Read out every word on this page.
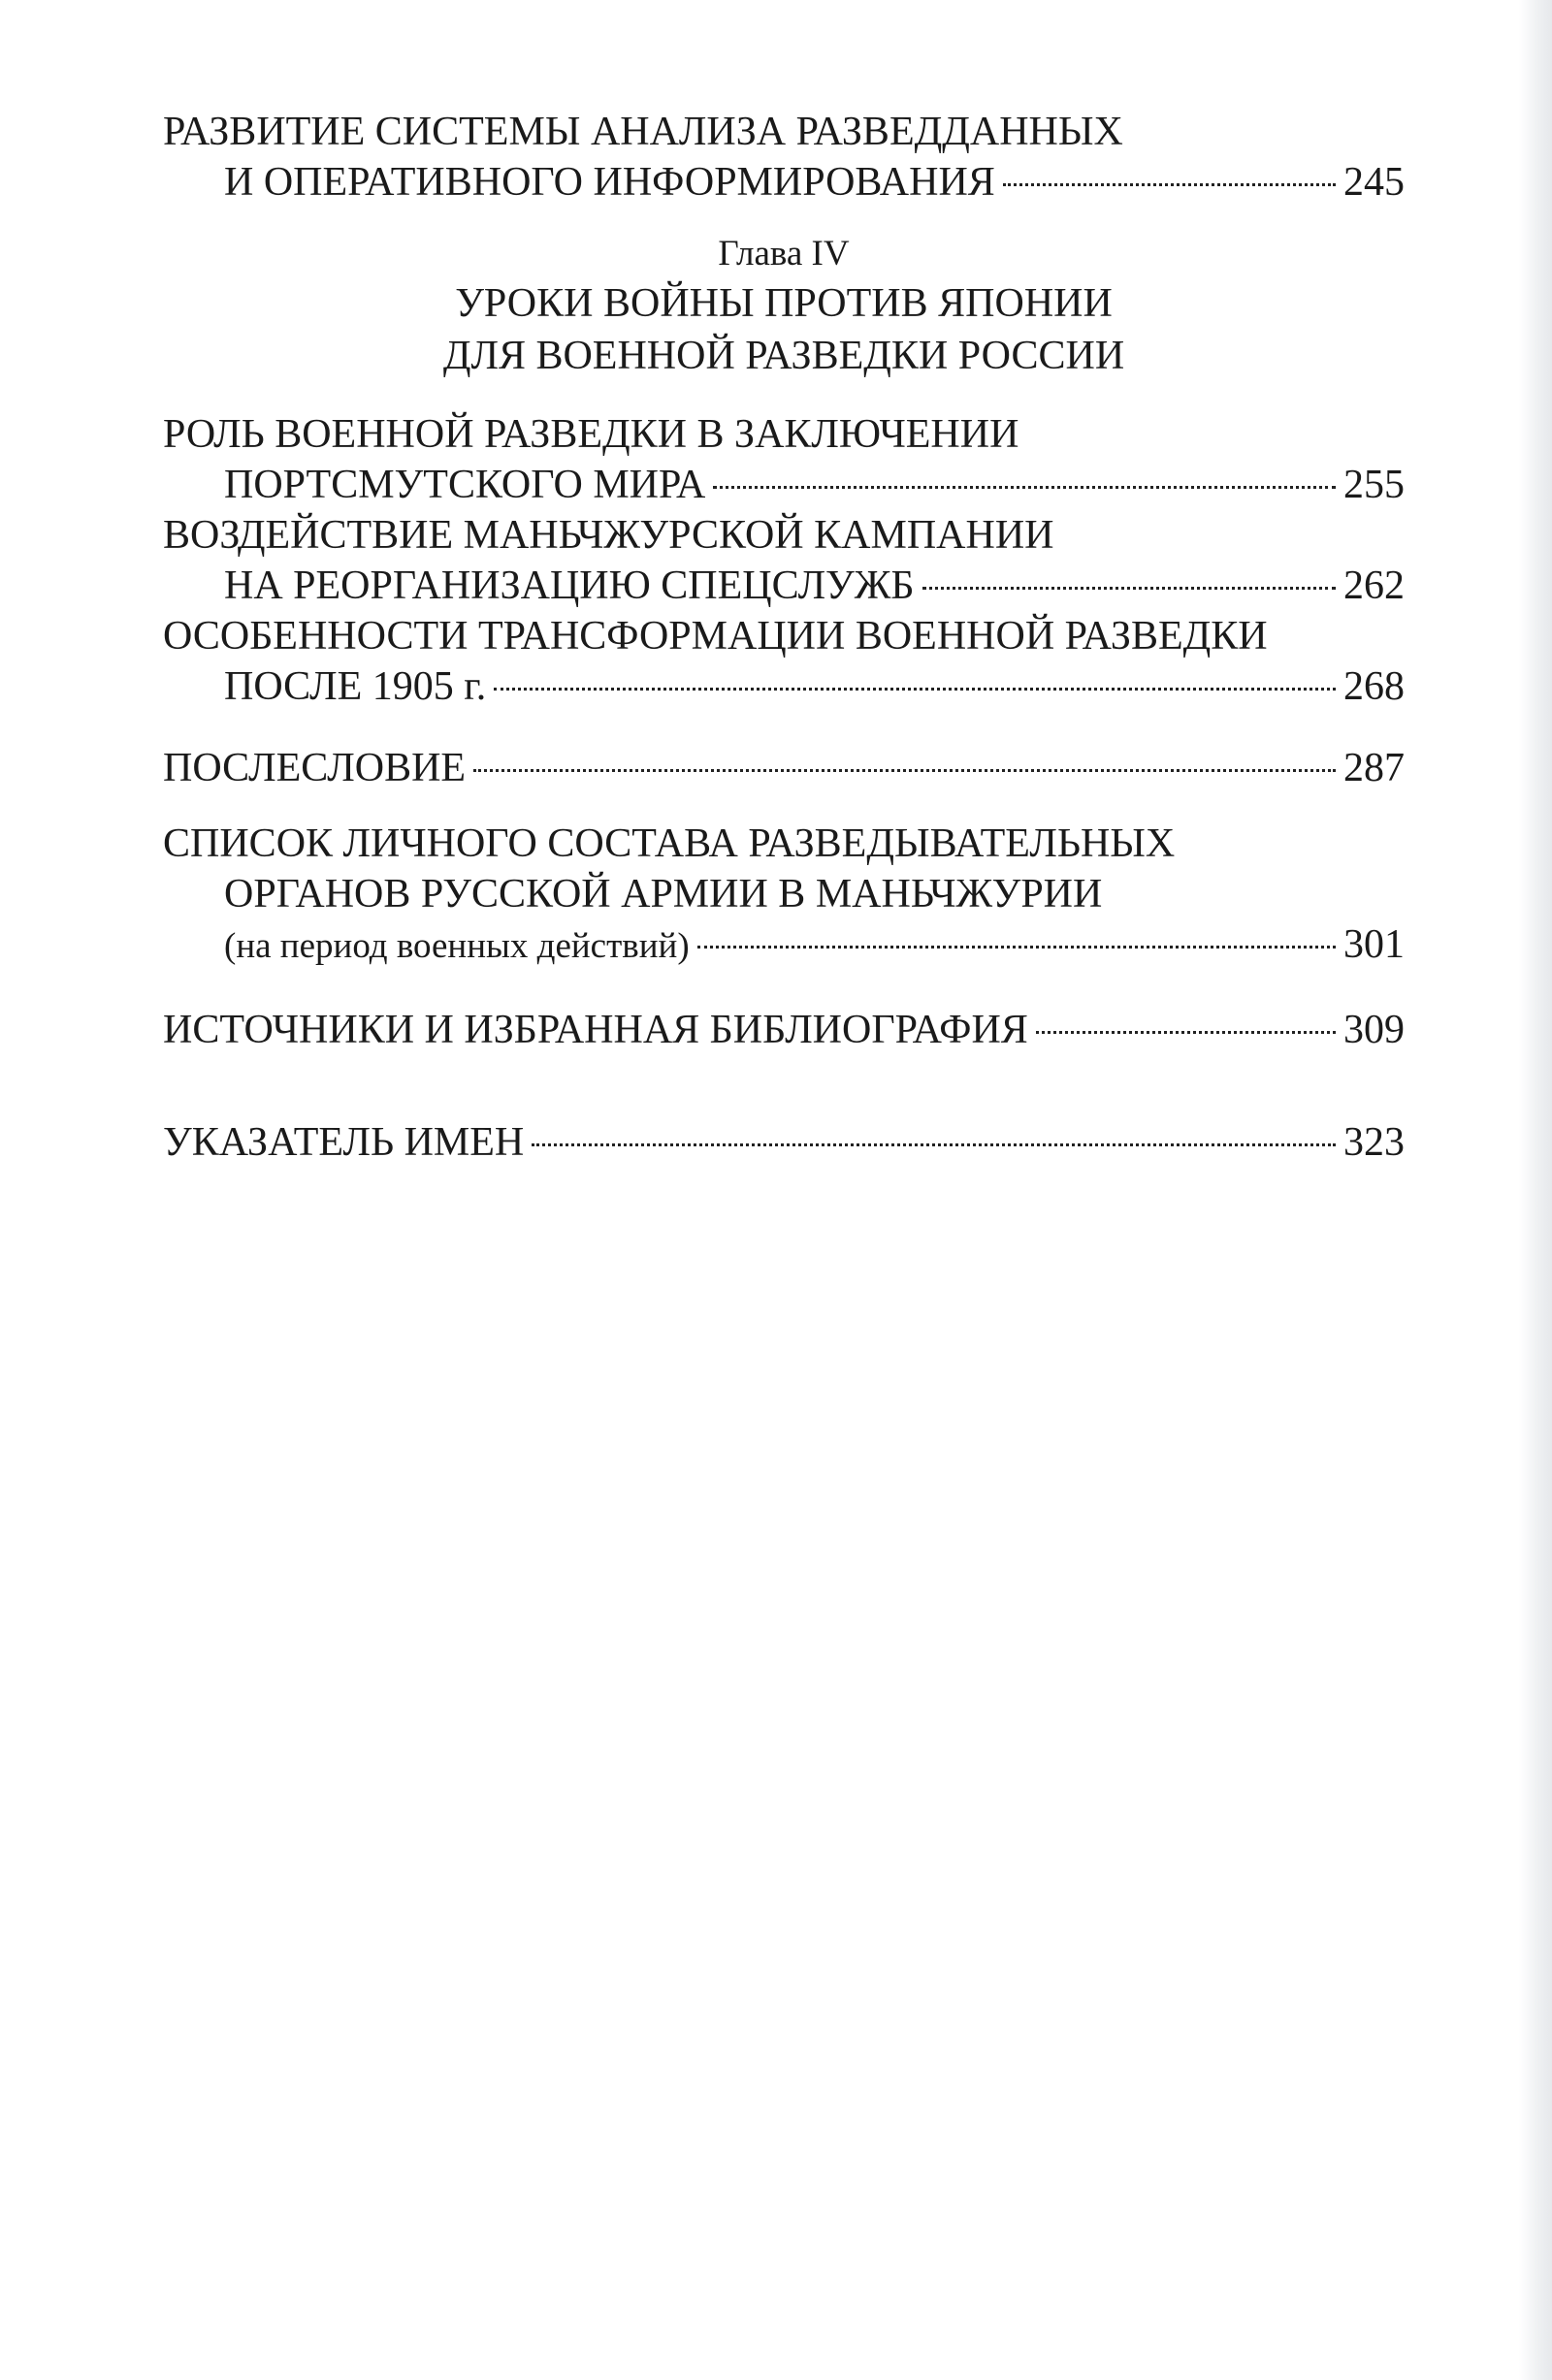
РАЗВИТИЕ СИСТЕМЫ АНАЛИЗА РАЗВЕДДАННЫХ
И ОПЕРАТИВНОГО ИНФОРМИРОВАНИЯ	245
Глава IV
УРОКИ ВОЙНЫ ПРОТИВ ЯПОНИИ
ДЛЯ ВОЕННОЙ РАЗВЕДКИ РОССИИ
РОЛЬ ВОЕННОЙ РАЗВЕДКИ В ЗАКЛЮЧЕНИИ
ПОРТСМУТСКОГО МИРА	255
ВОЗДЕЙСТВИЕ МАНЬЧЖУРСКОЙ КАМПАНИИ
НА РЕОРГАНИЗАЦИЮ СПЕЦСЛУЖБ	262
ОСОБЕННОСТИ ТРАНСФОРМАЦИИ ВОЕННОЙ РАЗВЕДКИ
ПОСЛЕ 1905 г.	268
ПОСЛЕСЛОВИЕ	287
СПИСОК ЛИЧНОГО СОСТАВА РАЗВЕДЫВАТЕЛЬНЫХ
ОРГАНОВ РУССКОЙ АРМИИ В МАНЬЧЖУРИИ
(на период военных действий)	301
ИСТОЧНИКИ И ИЗБРАННАЯ БИБЛИОГРАФИЯ	309
УКАЗАТЕЛЬ ИМЕН	323
